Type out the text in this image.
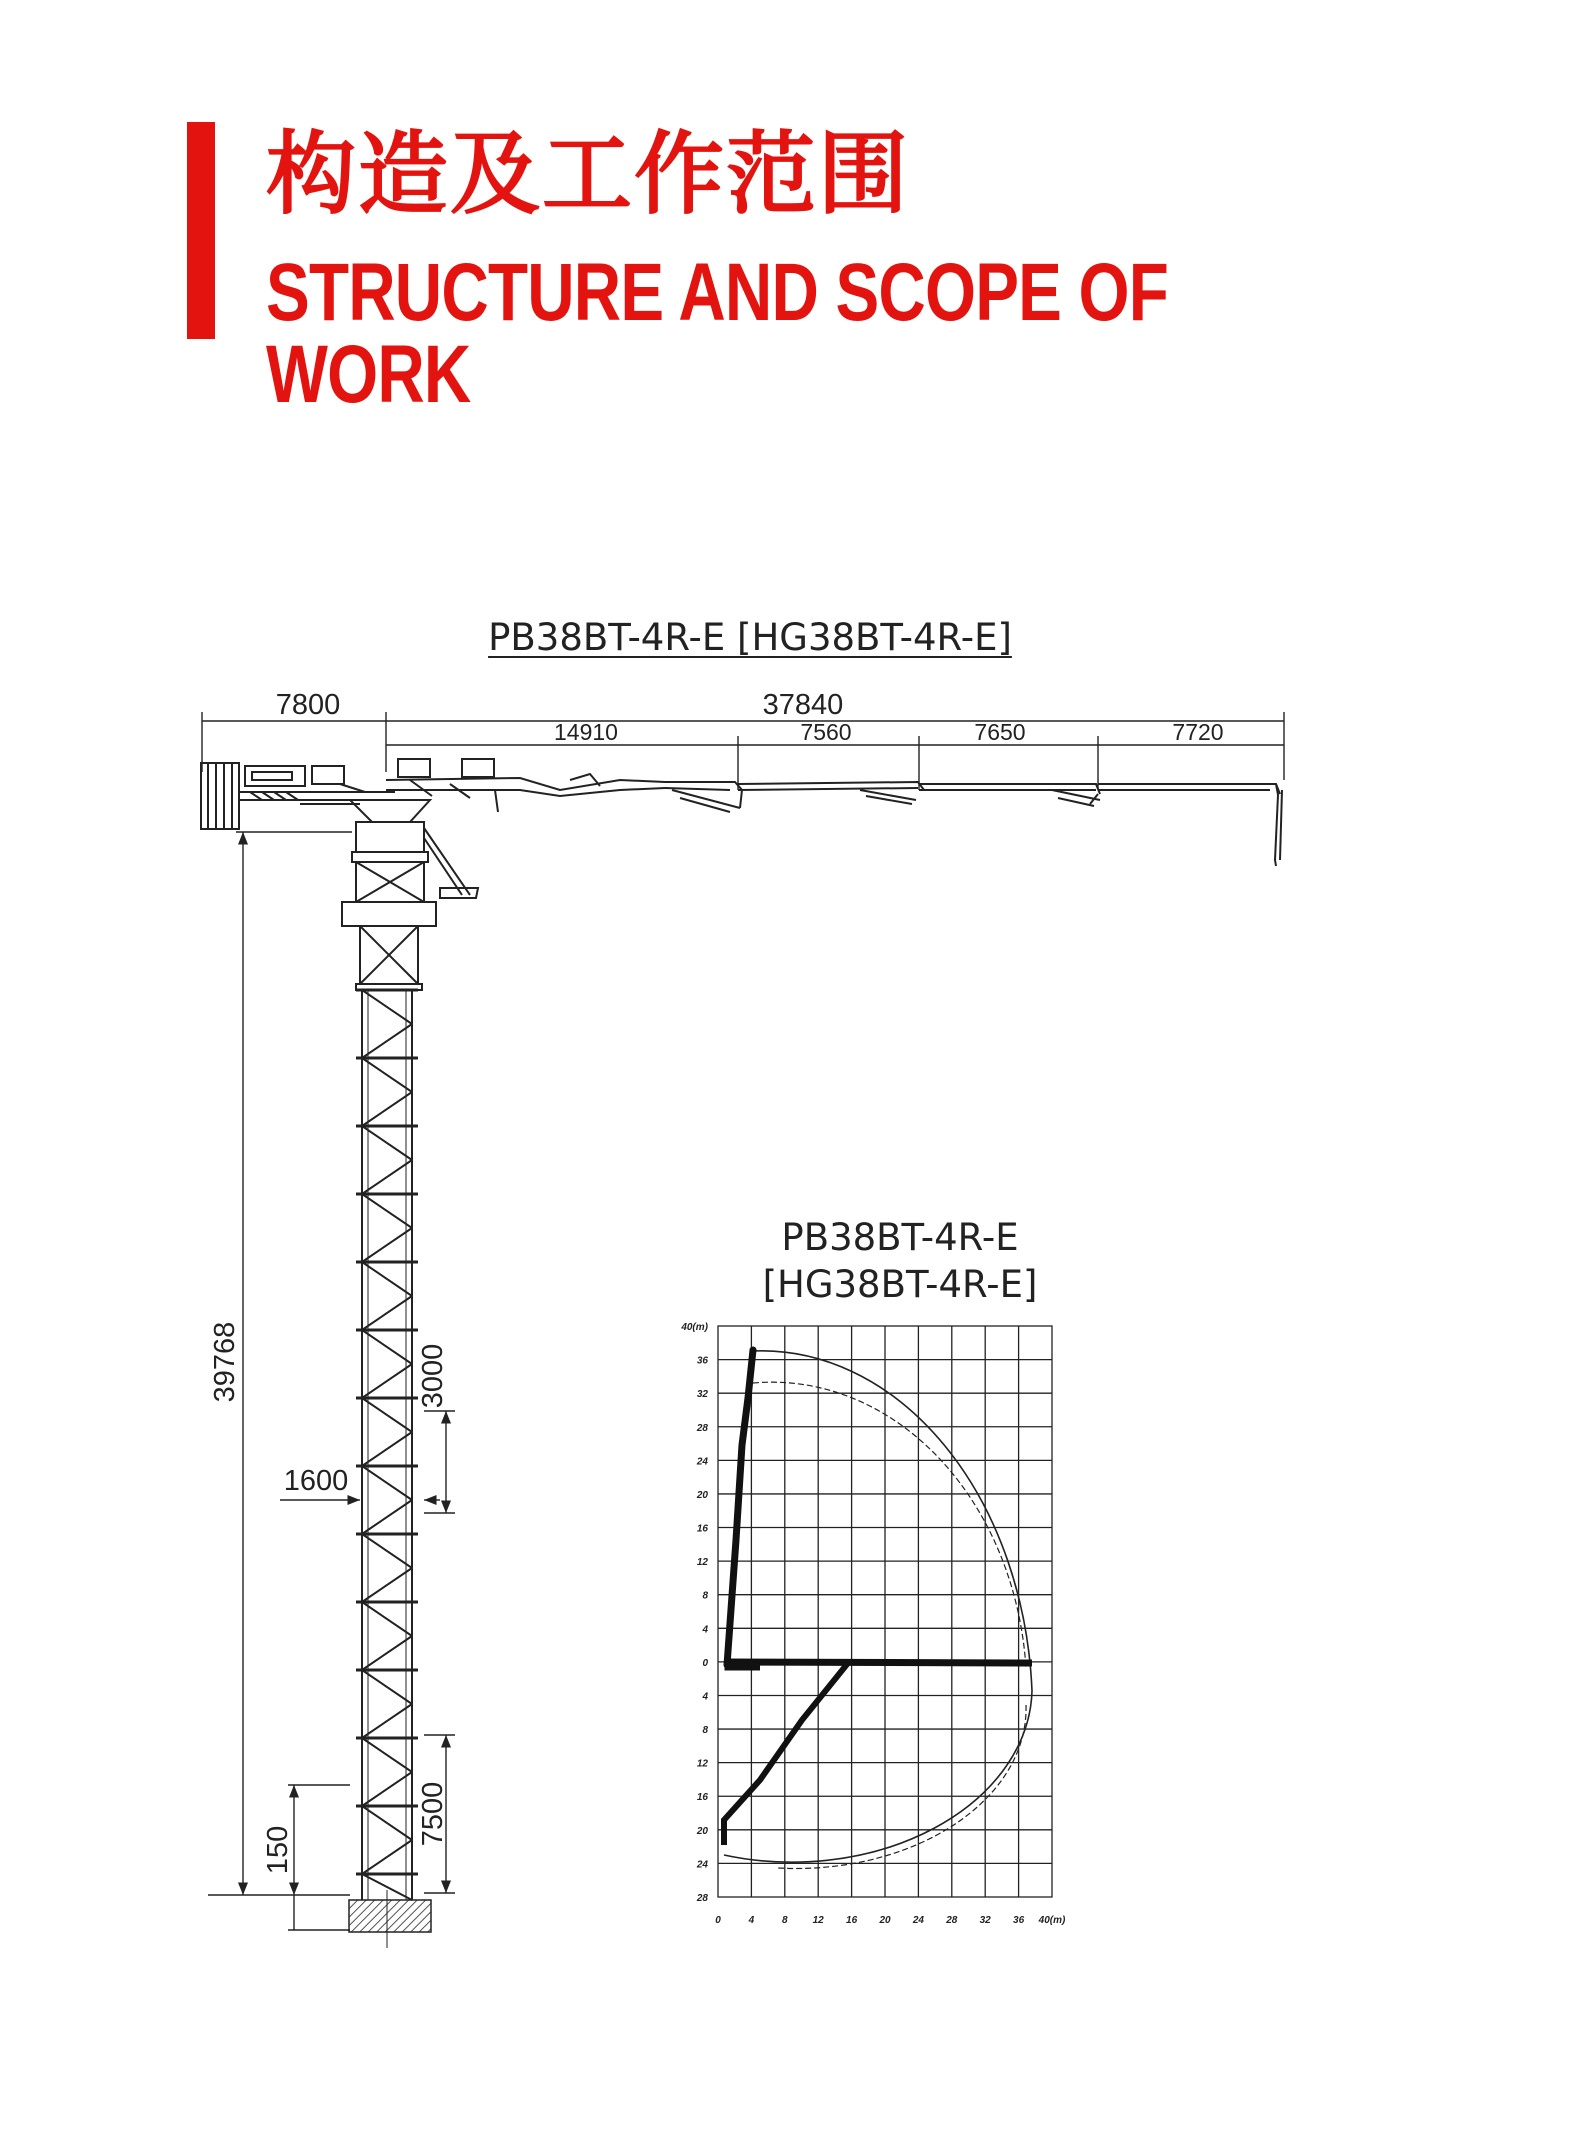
构造及工作范围
STRUCTURE AND SCOPE OF WORK
PB38BT-4R-E [HG38BT-4R-E]
PB38BT-4R-E
[HG38BT-4R-E]
7800	37840
14910	7560	7650	7720
39768	3000
1600
7500
150
0	4	8	12 16 20 24 28 32 36 40(m)
40(m)
36
32
28
24
20
16
12
8
4
0
4
8
12
16
20
24
28
